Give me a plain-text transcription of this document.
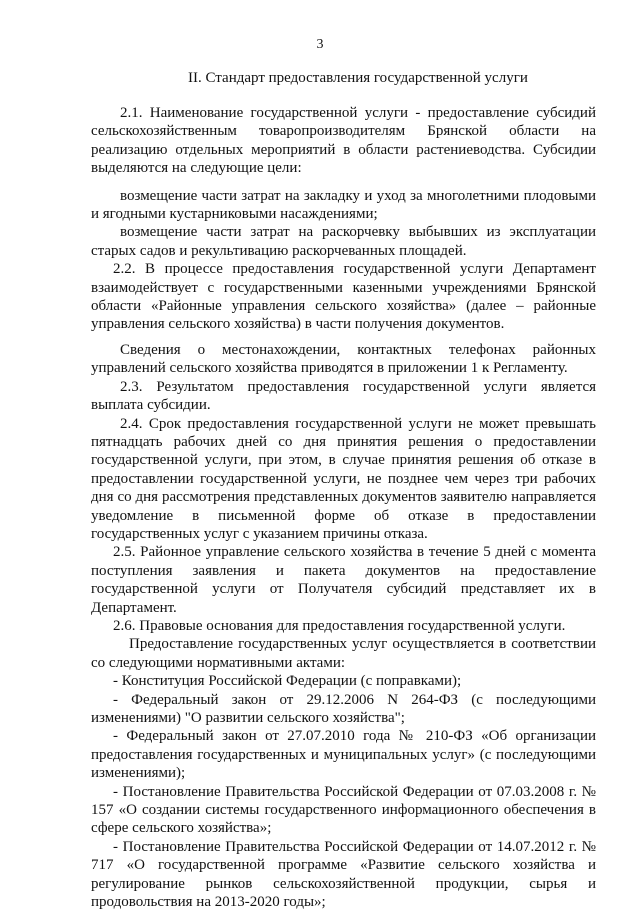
3
II. Стандарт предоставления государственной услуги

2.1. Наименование государственной услуги - предоставление субсидий сельскохозяйственным товаропроизводителям Брянской области на реализацию отдельных мероприятий в области растениеводства. Субсидии выделяются на следующие цели:

возмещение части затрат на закладку и уход за многолетними плодовыми и ягодными кустарниковыми насаждениями;

возмещение части затрат на раскорчевку выбывших из эксплуатации старых садов и рекультивацию раскорчеванных площадей.

2.2. В процессе предоставления государственной услуги Департамент взаимодействует с государственными казенными учреждениями Брянской области «Районные управления сельского хозяйства» (далее – районные управления сельского хозяйства) в части получения документов.

Сведения о местонахождении, контактных телефонах районных управлений сельского хозяйства приводятся в приложении 1 к Регламенту.

2.3. Результатом предоставления государственной услуги является выплата субсидии.

2.4. Срок предоставления государственной услуги не может превышать пятнадцать рабочих дней со дня принятия решения о предоставлении государственной услуги, при этом, в случае принятия решения об отказе в предоставлении государственной услуги, не позднее чем через три рабочих дня со дня рассмотрения представленных документов заявителю направляется уведомление в письменной форме об отказе в предоставлении государственных услуг с указанием причины отказа.

2.5. Районное управление сельского хозяйства в течение 5 дней с момента поступления заявления и пакета документов на предоставление государственной услуги от Получателя субсидий представляет их в Департамент.

2.6. Правовые основания для предоставления государственной услуги.

Предоставление государственных услуг осуществляется в соответствии со следующими нормативными актами:

- Конституция Российской Федерации (с поправками);

- Федеральный закон от 29.12.2006 N 264-ФЗ (с последующими изменениями) "О развитии сельского хозяйства";

- Федеральный закон от 27.07.2010 года № 210-ФЗ «Об организации предоставления государственных и муниципальных услуг» (с последующими изменениями);

- Постановление Правительства Российской Федерации от 07.03.2008 г. № 157 «О создании системы государственного информационного обеспечения в сфере сельского хозяйства»;

- Постановление Правительства Российской Федерации от 14.07.2012 г. № 717 «О государственной программе «Развитие сельского хозяйства и регулирование рынков сельскохозяйственной продукции, сырья и продовольствия на 2013-2020 годы»;
